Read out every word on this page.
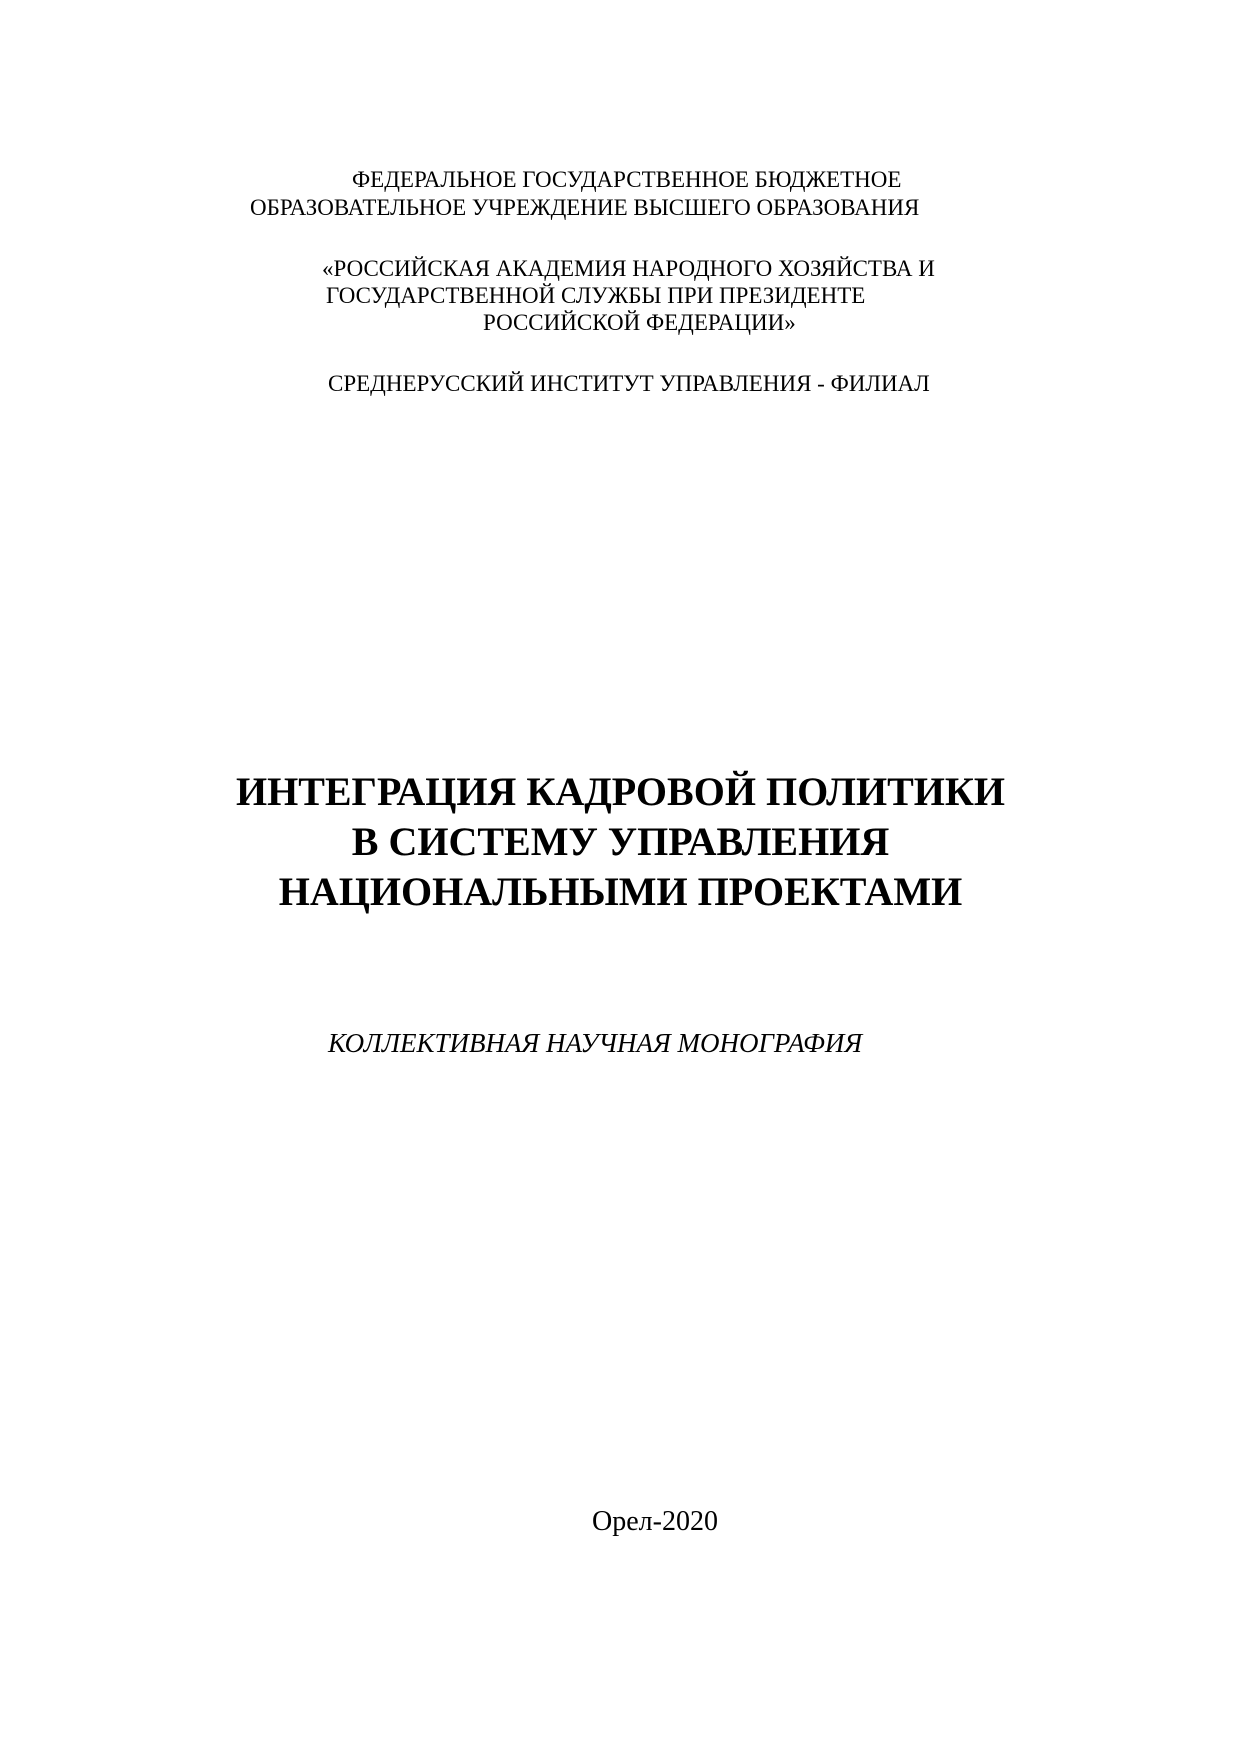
ФЕДЕРАЛЬНОЕ ГОСУДАРСТВЕННОЕ БЮДЖЕТНОЕ
ОБРАЗОВАТЕЛЬНОЕ УЧРЕЖДЕНИЕ ВЫСШЕГО ОБРАЗОВАНИЯ
«РОССИЙСКАЯ АКАДЕМИЯ НАРОДНОГО ХОЗЯЙСТВА И
ГОСУДАРСТВЕННОЙ СЛУЖБЫ ПРИ ПРЕЗИДЕНТЕ
РОССИЙСКОЙ ФЕДЕРАЦИИ»
СРЕДНЕРУССКИЙ ИНСТИТУТ УПРАВЛЕНИЯ - ФИЛИАЛ
ИНТЕГРАЦИЯ КАДРОВОЙ ПОЛИТИКИ
В СИСТЕМУ УПРАВЛЕНИЯ
НАЦИОНАЛЬНЫМИ ПРОЕКТАМИ
КОЛЛЕКТИВНАЯ НАУЧНАЯ МОНОГРАФИЯ
Орел-2020
